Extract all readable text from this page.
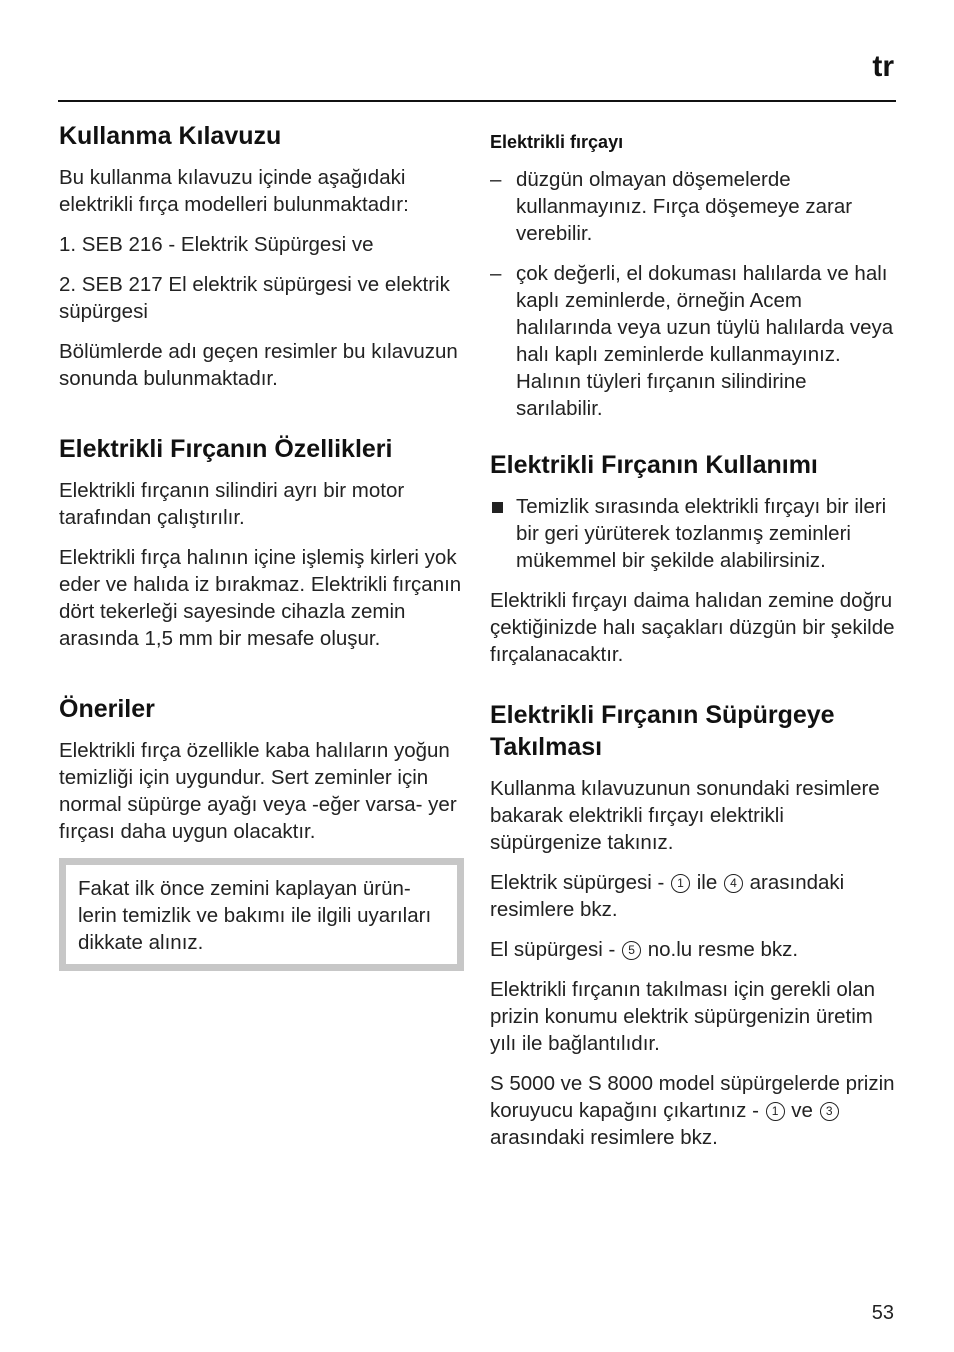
tr
Kullanma Kılavuzu

Bu kullanma kılavuzu içinde aşağıdaki elektrikli fırça modelleri bulunmaktadır:

1. SEB 216 - Elektrik Süpürgesi ve

2. SEB 217 El elektrik süpürgesi ve elektrik süpürgesi

Bölümlerde adı geçen resimler bu kılavuzun sonunda bulunmaktadır.

Elektrikli Fırçanın Özellikleri

Elektrikli fırçanın silindiri ayrı bir motor tarafından çalıştırılır.

Elektrikli fırça halının içine işlemiş kirleri yok eder ve halıda iz bırakmaz. Elektrikli fırçanın dört tekerleği sayesinde cihazla zemin arasında 1,5 mm bir mesafe oluşur.

Öneriler

Elektrikli fırça özellikle kaba halıların yoğun temizliği için uygundur. Sert zeminler için normal süpürge ayağı veya -eğer varsa- yer fırçası daha uygun olacaktır.

Fakat ilk önce zemini kaplayan ürün-lerin temizlik ve bakımı ile ilgili uyarıları dikkate alınız.

Elektrikli fırçayı

– düzgün olmayan döşemelerde kullanmayınız. Fırça döşemeye zarar verebilir.

– çok değerli, el dokuması halılarda ve halı kaplı zeminlerde, örneğin Acem halılarında veya uzun tüylü halılarda veya halı kaplı zeminlerde kullanmayınız. Halının tüyleri fırçanın silindirine sarılabilir.

Elektrikli Fırçanın Kullanımı

Temizlik sırasında elektrikli fırçayı bir ileri bir geri yürüterek tozlanmış zeminleri mükemmel bir şekilde alabilirsiniz.

Elektrikli fırçayı daima halıdan zemine doğru çektiğinizde halı saçakları düzgün bir şekilde fırçalanacaktır.

Elektrikli Fırçanın Süpürgeye Takılması

Kullanma kılavuzunun sonundaki resimlere bakarak elektrikli fırçayı elektrikli süpürgenize takınız.

Elektrik süpürgesi - 1 ile 4 arasındaki resimlere bkz.

El süpürgesi - 5 no.lu resme bkz.

Elektrikli fırçanın takılması için gerekli olan prizin konumu elektrik süpürgenizin üretim yılı ile bağlantılıdır.

S 5000 ve S 8000 model süpürgelerde prizin koruyucu kapağını çıkartınız - 1 ve 3 arasındaki resimlere bkz.

53
